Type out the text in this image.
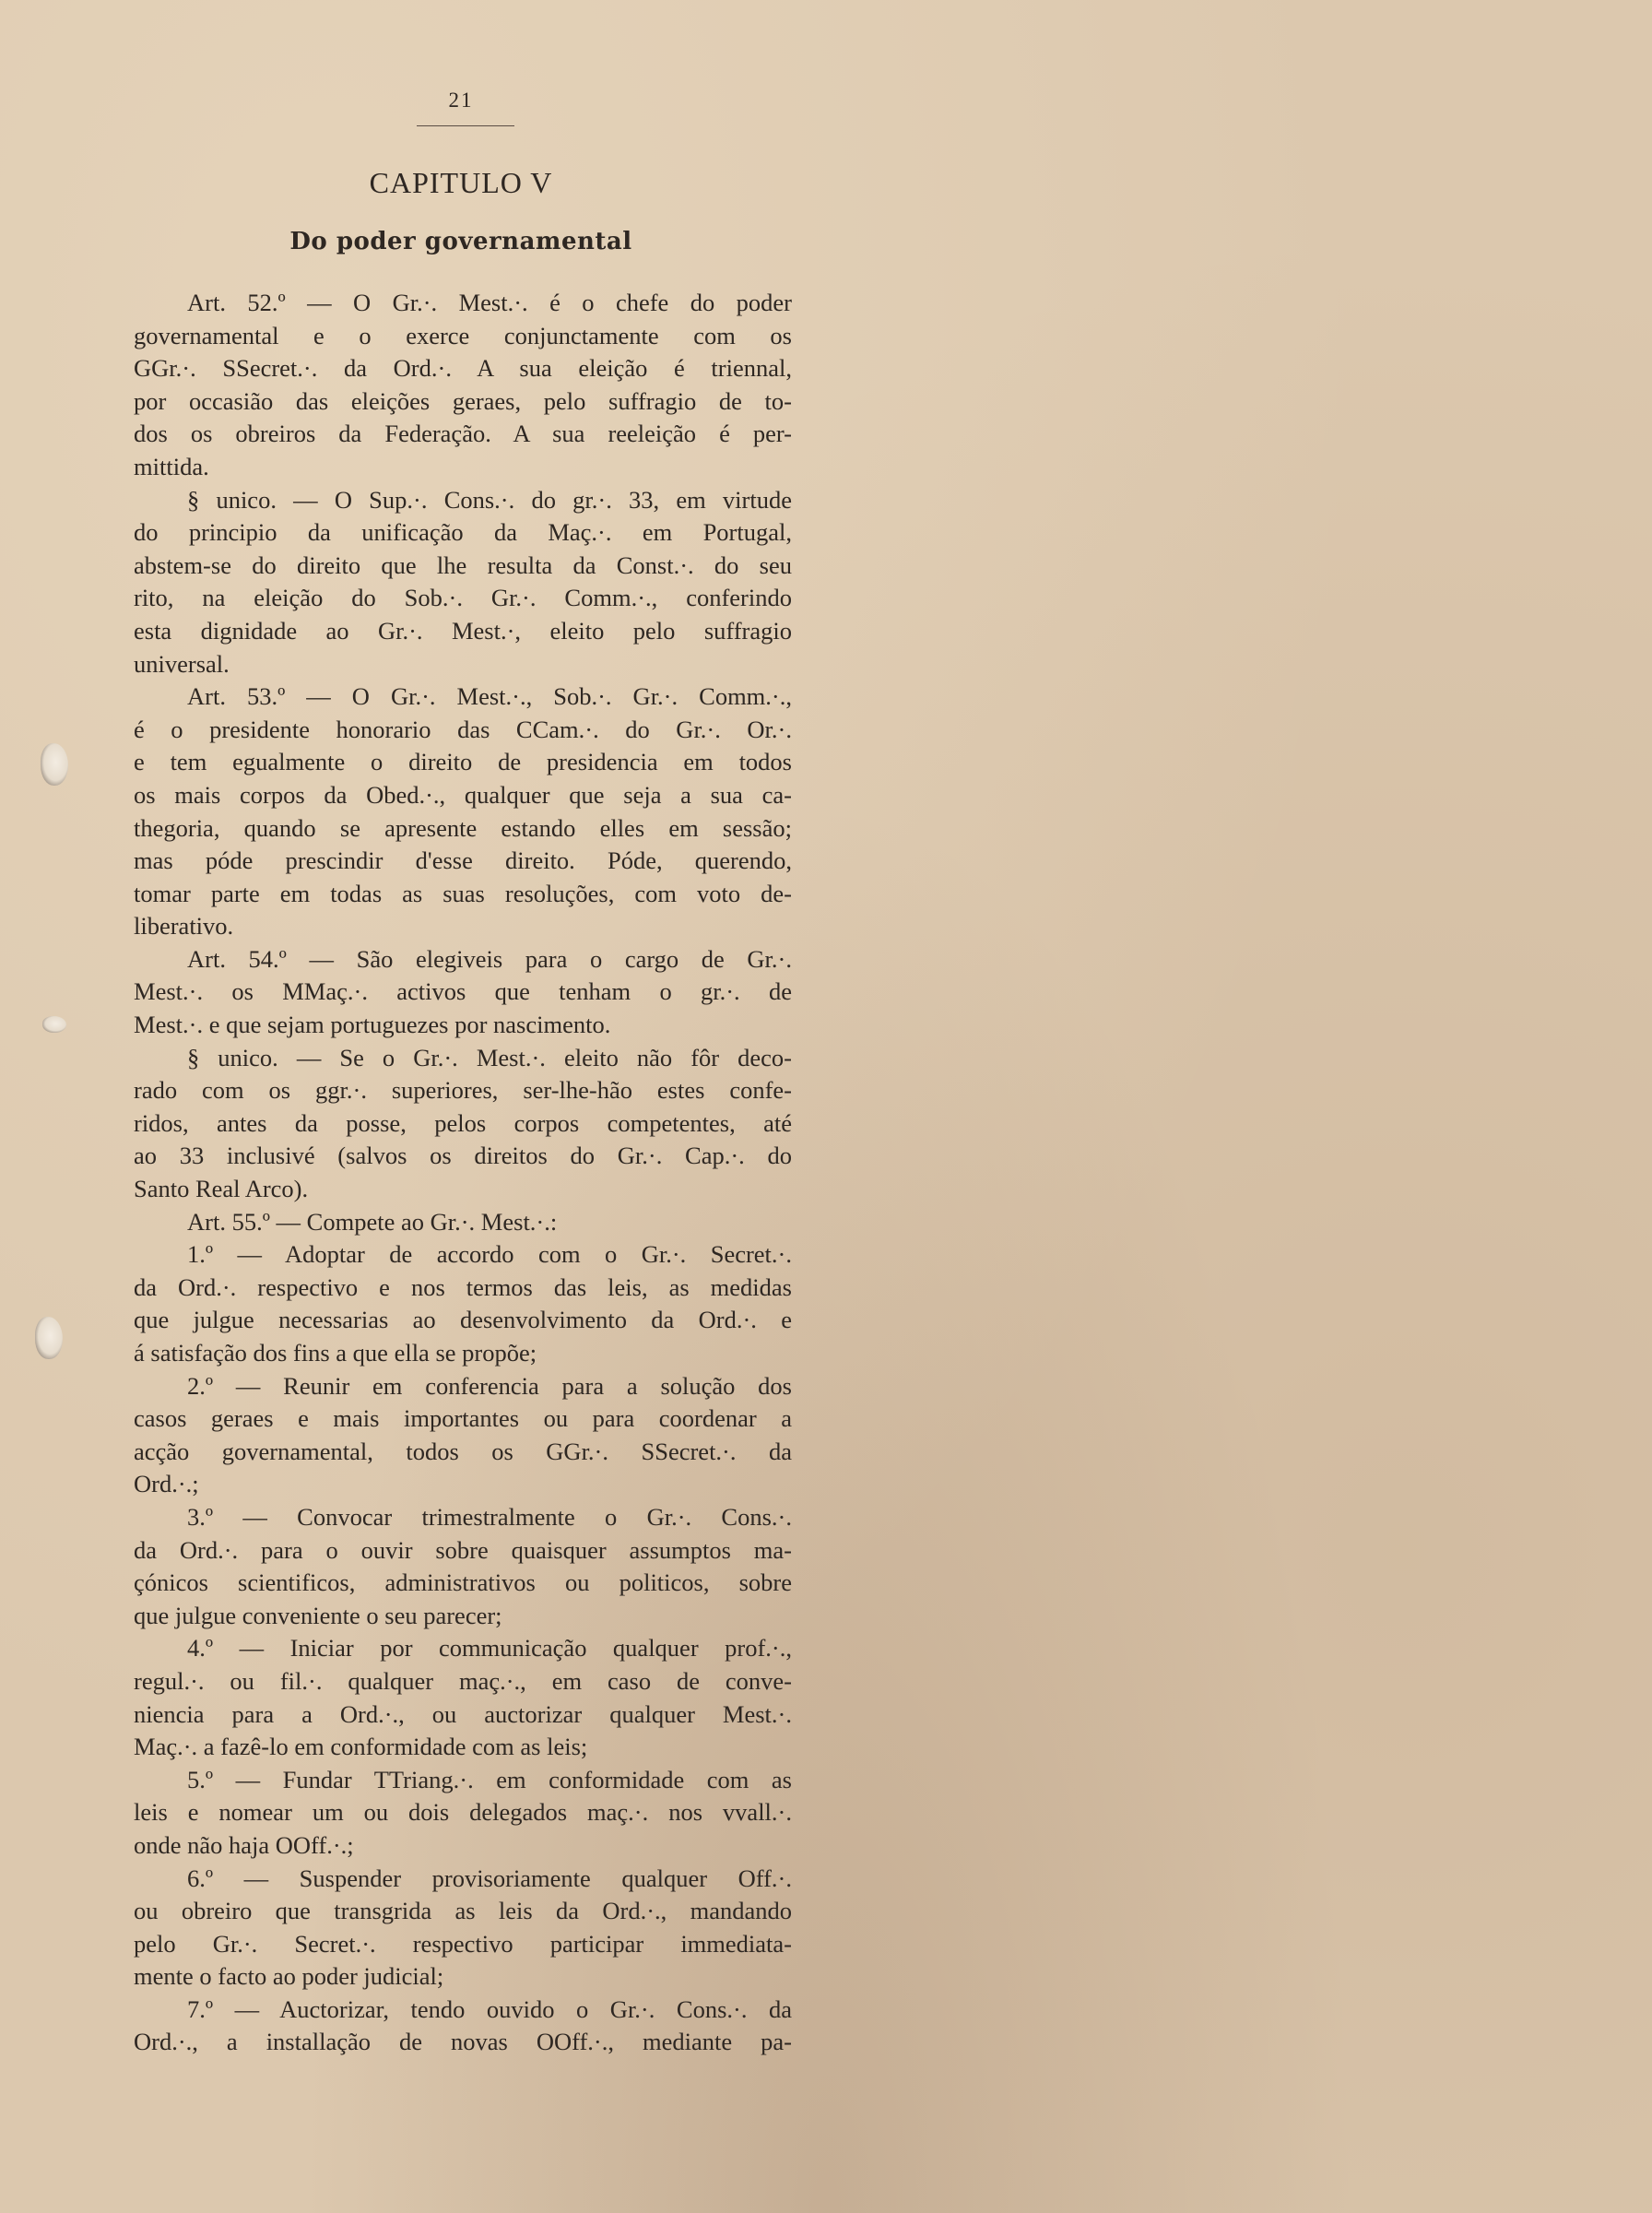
21
CAPITULO V
Do poder governamental
Art. 52.º — O Gr.·. Mest.·. é o chefe do poder
governamental e o exerce conjunctamente com os
GGr.·. SSecret.·. da Ord.·. A sua eleição é triennal,
por occasião das eleições geraes, pelo suffragio de to-
dos os obreiros da Federação. A sua reeleição é per-
mittida.
§ unico. — O Sup.·. Cons.·. do gr.·. 33, em virtude
do principio da unificação da Maç.·. em Portugal,
abstem-se do direito que lhe resulta da Const.·. do seu
rito, na eleição do Sob.·. Gr.·. Comm.·., conferindo
esta dignidade ao Gr.·. Mest.·, eleito pelo suffragio
universal.
Art. 53.º — O Gr.·. Mest.·., Sob.·. Gr.·. Comm.·.,
é o presidente honorario das CCam.·. do Gr.·. Or.·.
e tem egualmente o direito de presidencia em todos
os mais corpos da Obed.·., qualquer que seja a sua ca-
thegoria, quando se apresente estando elles em sessão;
mas póde prescindir d'esse direito. Póde, querendo,
tomar parte em todas as suas resoluções, com voto de-
liberativo.
Art. 54.º — São elegiveis para o cargo de Gr.·.
Mest.·. os MMaç.·. activos que tenham o gr.·. de
Mest.·. e que sejam portuguezes por nascimento.
§ unico. — Se o Gr.·. Mest.·. eleito não fôr deco-
rado com os ggr.·. superiores, ser-lhe-hão estes confe-
ridos, antes da posse, pelos corpos competentes, até
ao 33 inclusivé (salvos os direitos do Gr.·. Cap.·. do
Santo Real Arco).
Art. 55.º — Compete ao Gr.·. Mest.·.:
1.º — Adoptar de accordo com o Gr.·. Secret.·.
da Ord.·. respectivo e nos termos das leis, as medidas
que julgue necessarias ao desenvolvimento da Ord.·. e
á satisfação dos fins a que ella se propõe;
2.º — Reunir em conferencia para a solução dos
casos geraes e mais importantes ou para coordenar a
acção governamental, todos os GGr.·. SSecret.·. da
Ord.·.;
3.º — Convocar trimestralmente o Gr.·. Cons.·.
da Ord.·. para o ouvir sobre quaisquer assumptos ma-
çónicos scientificos, administrativos ou politicos, sobre
que julgue conveniente o seu parecer;
4.º — Iniciar por communicação qualquer prof.·.,
regul.·. ou fil.·. qualquer maç.·., em caso de conve-
niencia para a Ord.·., ou auctorizar qualquer Mest.·.
Maç.·. a fazê-lo em conformidade com as leis;
5.º — Fundar TTriang.·. em conformidade com as
leis e nomear um ou dois delegados maç.·. nos vvall.·.
onde não haja OOff.·.;
6.º — Suspender provisoriamente qualquer Off.·.
ou obreiro que transgrida as leis da Ord.·., mandando
pelo Gr.·. Secret.·. respectivo participar immediata-
mente o facto ao poder judicial;
7.º — Auctorizar, tendo ouvido o Gr.·. Cons.·. da
Ord.·., a installação de novas OOff.·., mediante pa-
